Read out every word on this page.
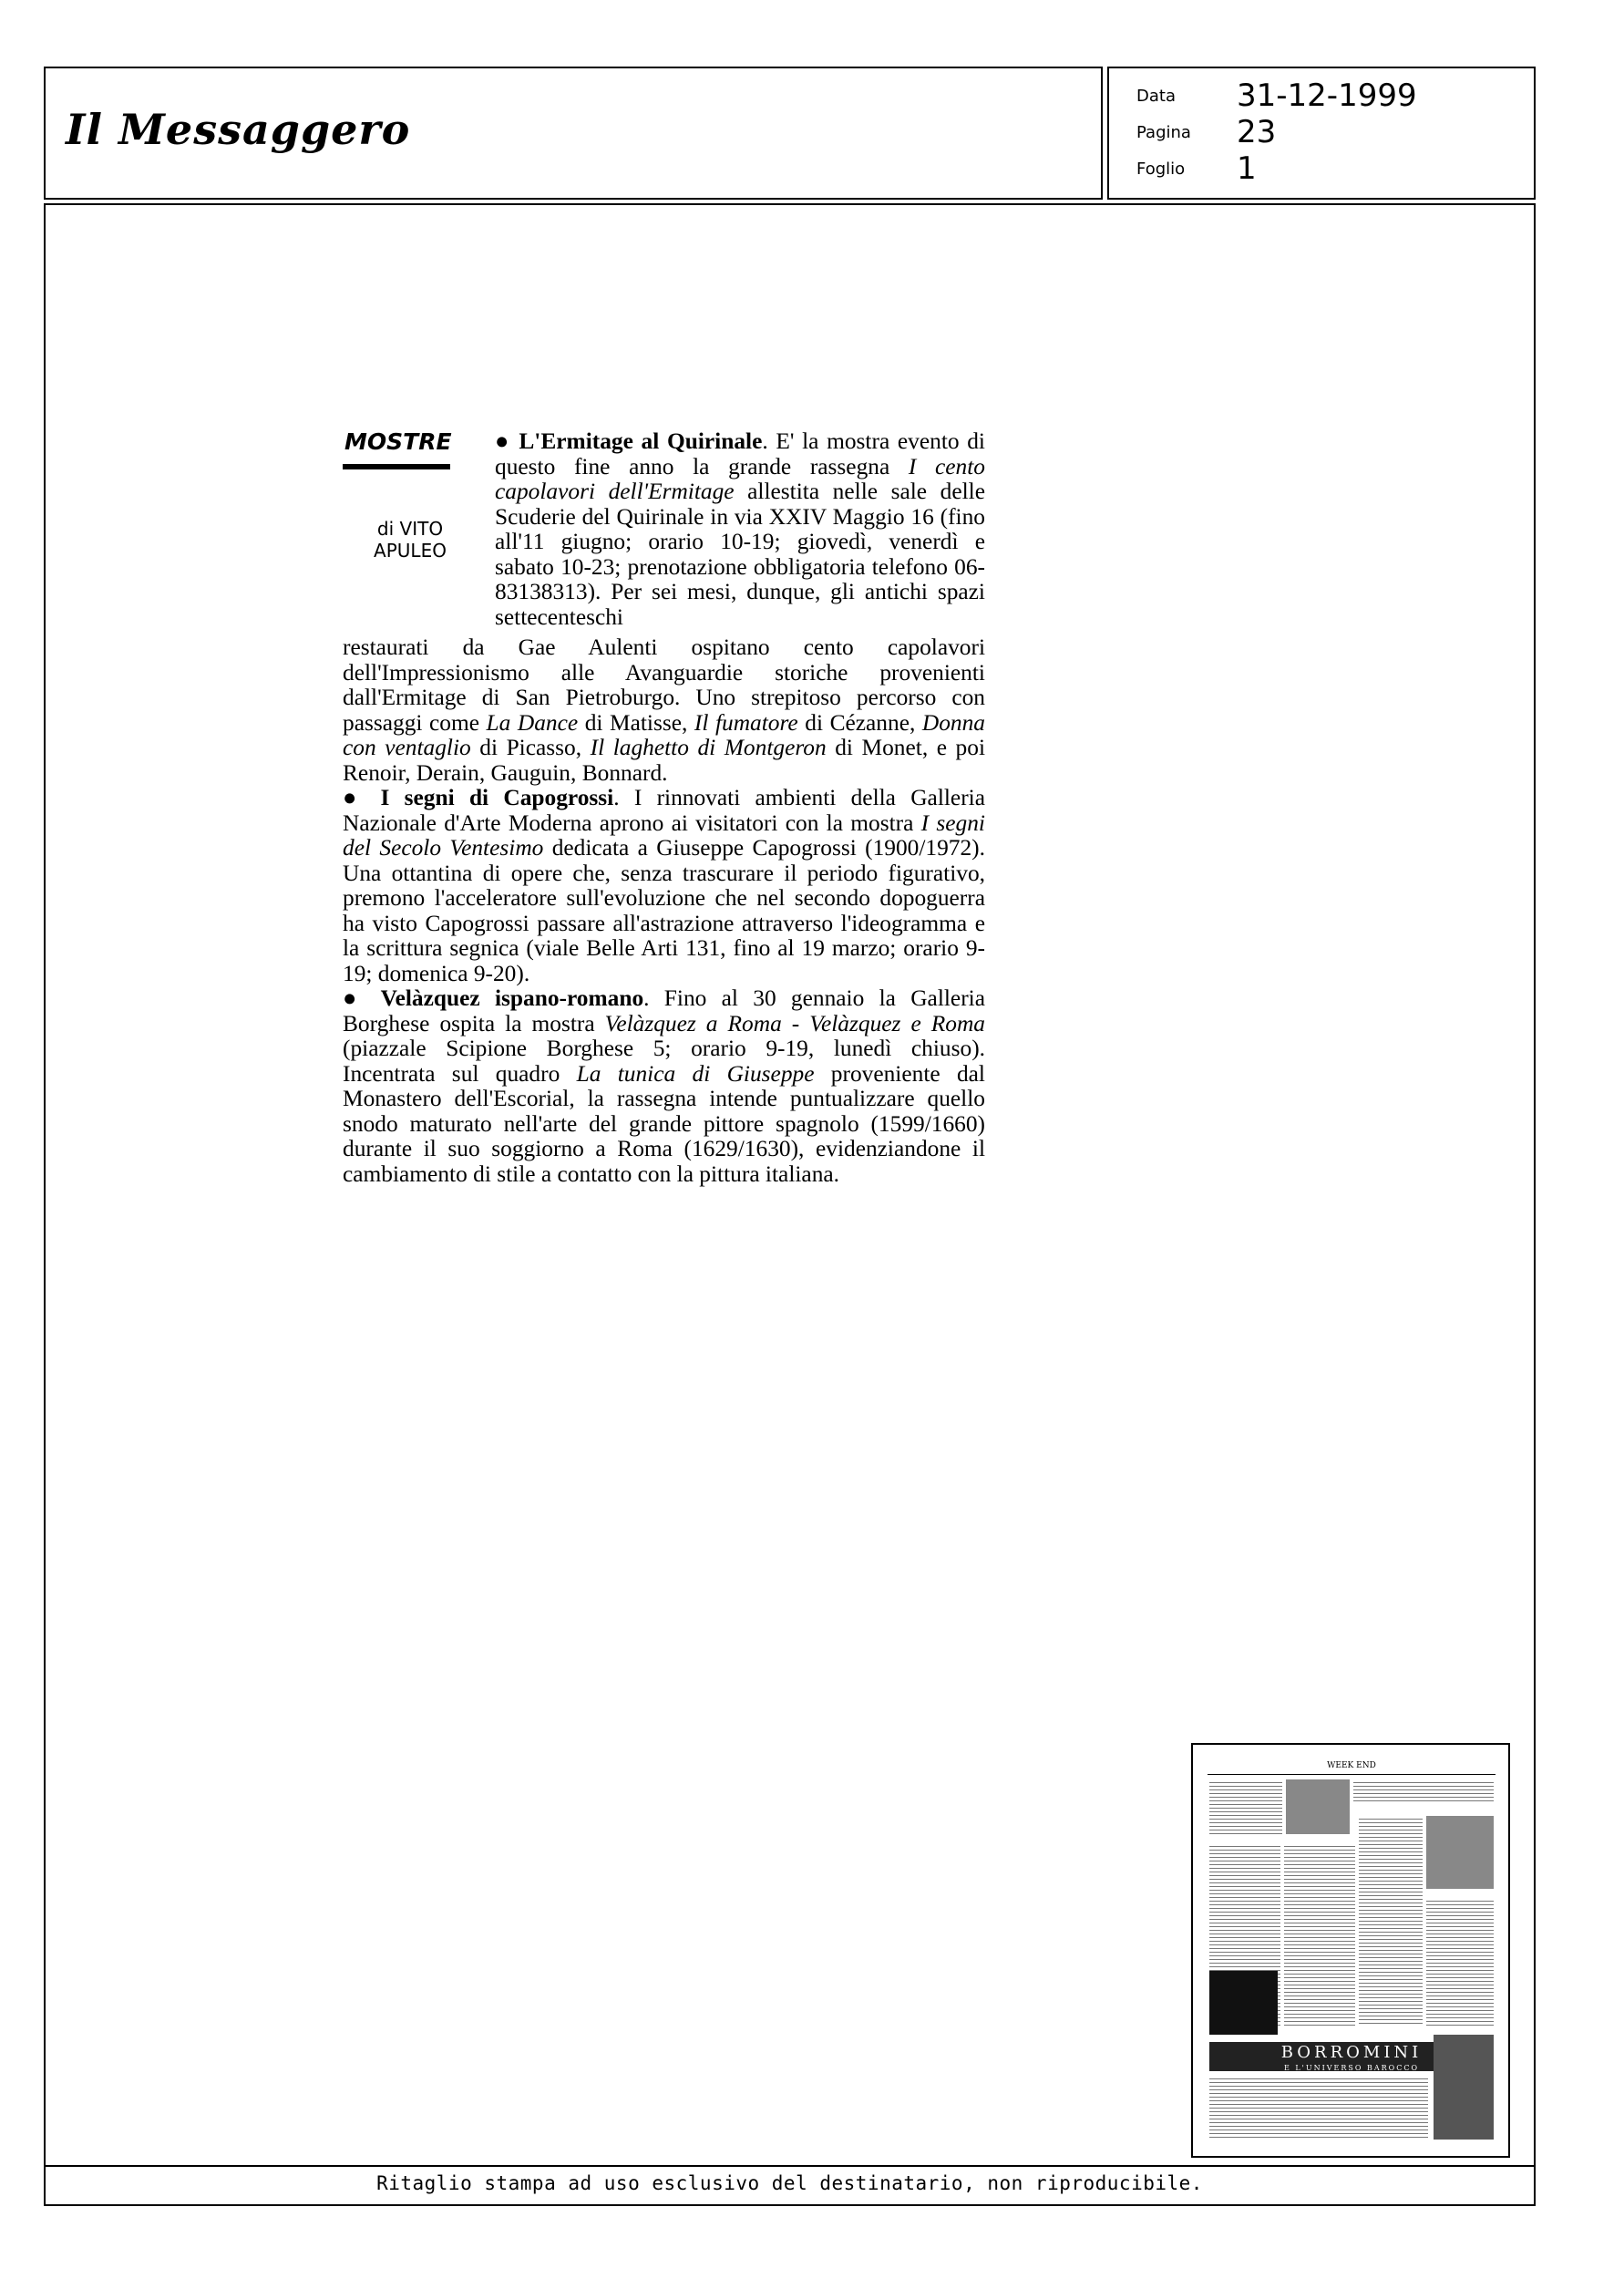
Il Messaggero
Data 31-12-1999
Pagina 23
Foglio 1
MOSTRE
di VITO
APULEO

● L'Ermitage al Quirinale. E' la mostra evento di questo fine anno la grande rassegna I cento capolavori dell'Ermitage allestita nelle sale delle Scuderie del Quirinale in via XXIV Maggio 16 (fino all'11 giugno; orario 10-19; giovedì, venerdì e sabato 10-23; prenotazione obbligatoria telefono 06-83138313). Per sei mesi, dunque, gli antichi spazi settecenteschi

restaurati da Gae Aulenti ospitano cento capolavori dell'Impressionismo alle Avanguardie storiche provenienti dall'Ermitage di San Pietroburgo. Uno strepitoso percorso con passaggi come La Dance di Matisse, Il fumatore di Cézanne, Donna con ventaglio di Picasso, Il laghetto di Montgeron di Monet, e poi Renoir, Derain, Gauguin, Bonnard.

● I segni di Capogrossi. I rinnovati ambienti della Galleria Nazionale d'Arte Moderna aprono ai visitatori con la mostra I segni del Secolo Ventesimo dedicata a Giuseppe Capogrossi (1900/1972). Una ottantina di opere che, senza trascurare il periodo figurativo, premono l'acceleratore sull'evoluzione che nel secondo dopoguerra ha visto Capogrossi passare all'astrazione attraverso l'ideogramma e la scrittura segnica (viale Belle Arti 131, fino al 19 marzo; orario 9-19; domenica 9-20).

● Velàzquez ispano-romano. Fino al 30 gennaio la Galleria Borghese ospita la mostra Velàzquez a Roma - Velàzquez e Roma (piazzale Scipione Borghese 5; orario 9-19, lunedì chiuso). Incentrata sul quadro La tunica di Giuseppe proveniente dal Monastero dell'Escorial, la rassegna intende puntualizzare quello snodo maturato nell'arte del grande pittore spagnolo (1599/1660) durante il suo soggiorno a Roma (1629/1630), evidenziandone il cambiamento di stile a contatto con la pittura italiana.

WEEK END
BORROMINI
E L'UNIVERSO BAROCCO
Ritaglio stampa ad uso esclusivo del destinatario, non riproducibile.
